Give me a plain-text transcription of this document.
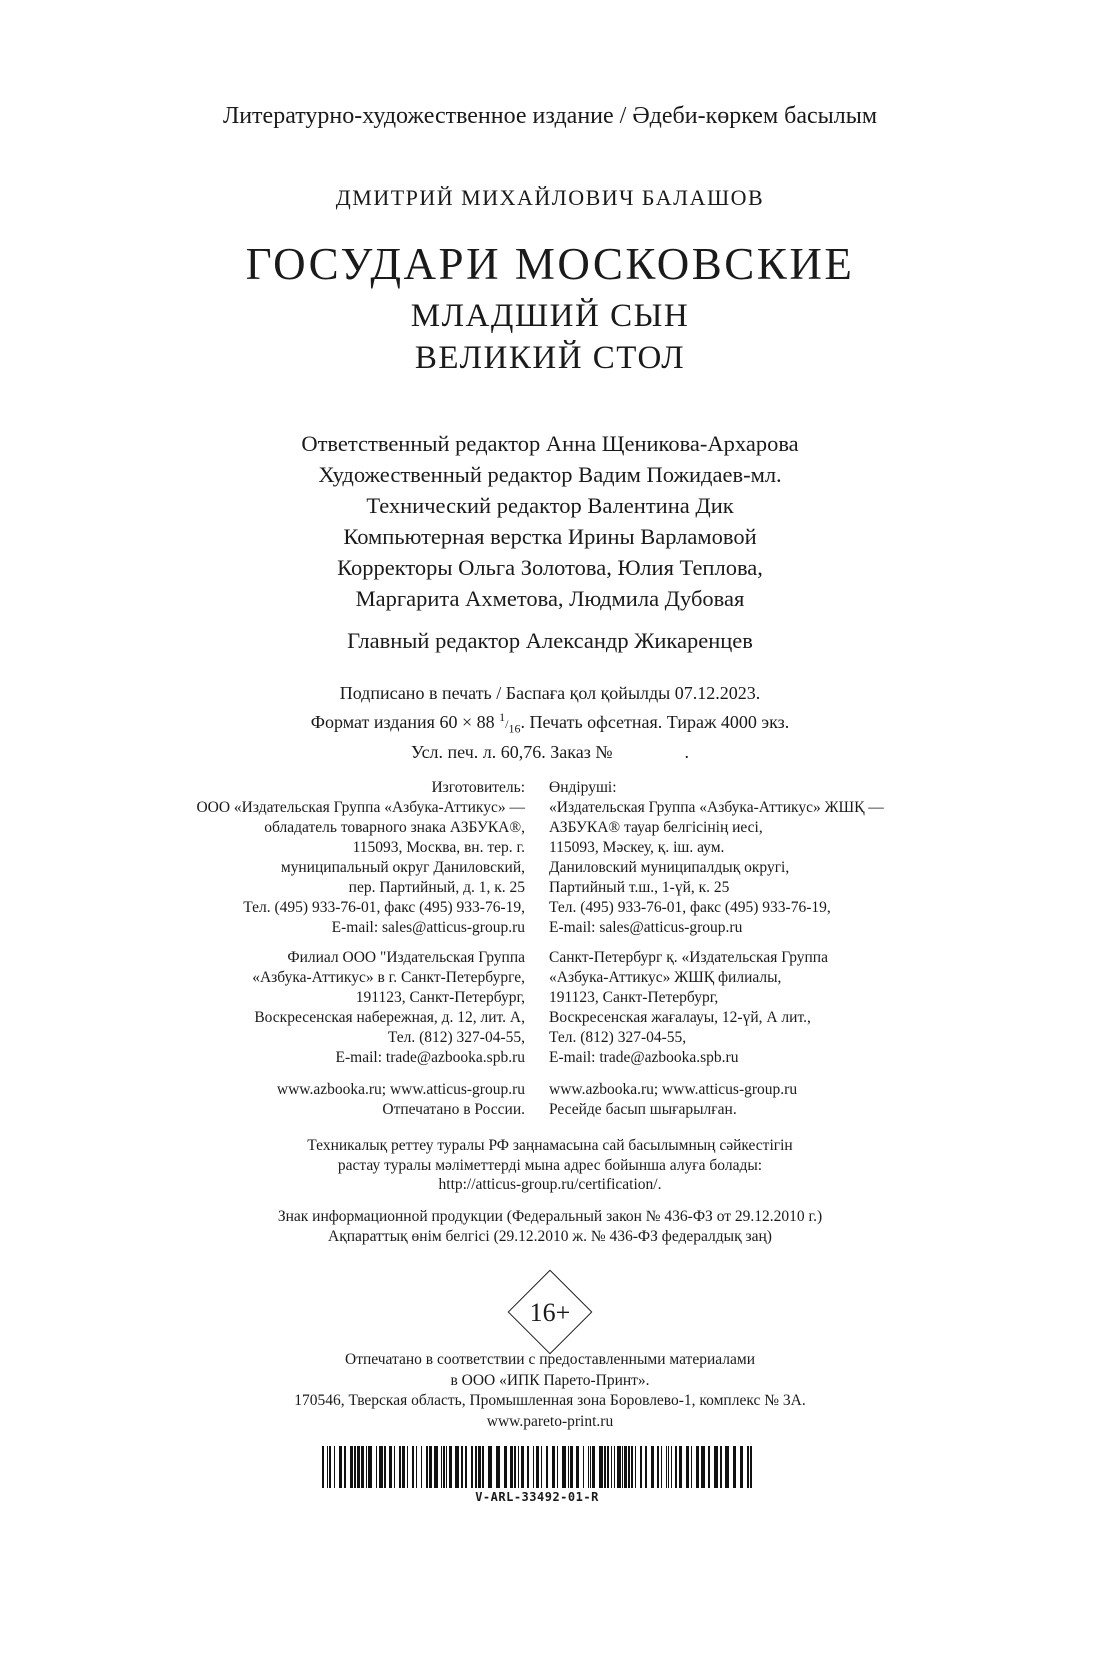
Литературно-художественное издание / Әдеби-көркем басылым
ДМИТРИЙ МИХАЙЛОВИЧ БАЛАШОВ
ГОСУДАРИ МОСКОВСКИЕ
МЛАДШИЙ СЫН
ВЕЛИКИЙ СТОЛ
Ответственный редактор Анна Щеникова-Архарова
Художественный редактор Вадим Пожидаев-мл.
Технический редактор Валентина Дик
Компьютерная верстка Ирины Варламовой
Корректоры Ольга Золотова, Юлия Теплова,
Маргарита Ахметова, Людмила Дубовая
Главный редактор Александр Жикаренцев
Подписано в печать / Баспаға қол қойылды 07.12.2023.
Формат издания 60 × 88 $^1/_{16}$. Печать офсетная. Тираж 4000 экз.
Усл. печ. л. 60,76. Заказ №                .
Изготовитель:
ООО «Издательская Группа «Азбука-Аттикус» —
обладатель товарного знака АЗБУКА®,
115093, Москва, вн. тер. г.
муниципальный округ Даниловский,
пер. Партийный, д. 1, к. 25
Тел. (495) 933-76-01, факс (495) 933-76-19,
E-mail: sales@atticus-group.ru
Филиал ООО "Издательская Группа
«Азбука-Аттикус» в г. Санкт-Петербурге,
191123, Санкт-Петербург,
Воскресенская набережная, д. 12, лит. А,
Тел. (812) 327-04-55,
E-mail: trade@azbooka.spb.ru
www.azbooka.ru; www.atticus-group.ru
Отпечатано в России.
Өндіруші:
«Издательская Группа «Азбука-Аттикус» ЖШҚ —
АЗБУКА® тауар белгісінің иесі,
115093, Мәскеу, қ. іш. аум.
Даниловский муниципалдық округі,
Партийный т.ш., 1-үй, к. 25
Тел. (495) 933-76-01, факс (495) 933-76-19,
E-mail: sales@atticus-group.ru
Санкт-Петербург қ. «Издательская Группа
«Азбука-Аттикус» ЖШҚ филиалы,
191123, Санкт-Петербург,
Воскресенская жағалауы, 12-үй, А лит.,
Тел. (812) 327-04-55,
E-mail: trade@azbooka.spb.ru
www.azbooka.ru; www.atticus-group.ru
Ресейде басып шығарылған.
Техникалық реттеу туралы РФ заңнамасына сай басылымның сәйкестігін
растау туралы мәліметтерді мына адрес бойынша алуға болады:
http://atticus-group.ru/certification/.
Знак информационной продукции (Федеральный закон № 436-ФЗ от 29.12.2010 г.)
Ақпараттық өнім белгісі (29.12.2010 ж. № 436-ФЗ федералдық заң)
16+
Отпечатано в соответствии с предоставленными материалами
в ООО «ИПК Парето-Принт».
170546, Тверская область, Промышленная зона Боровлево-1, комплекс № 3А.
www.pareto-print.ru
V-ARL-33492-01-R
